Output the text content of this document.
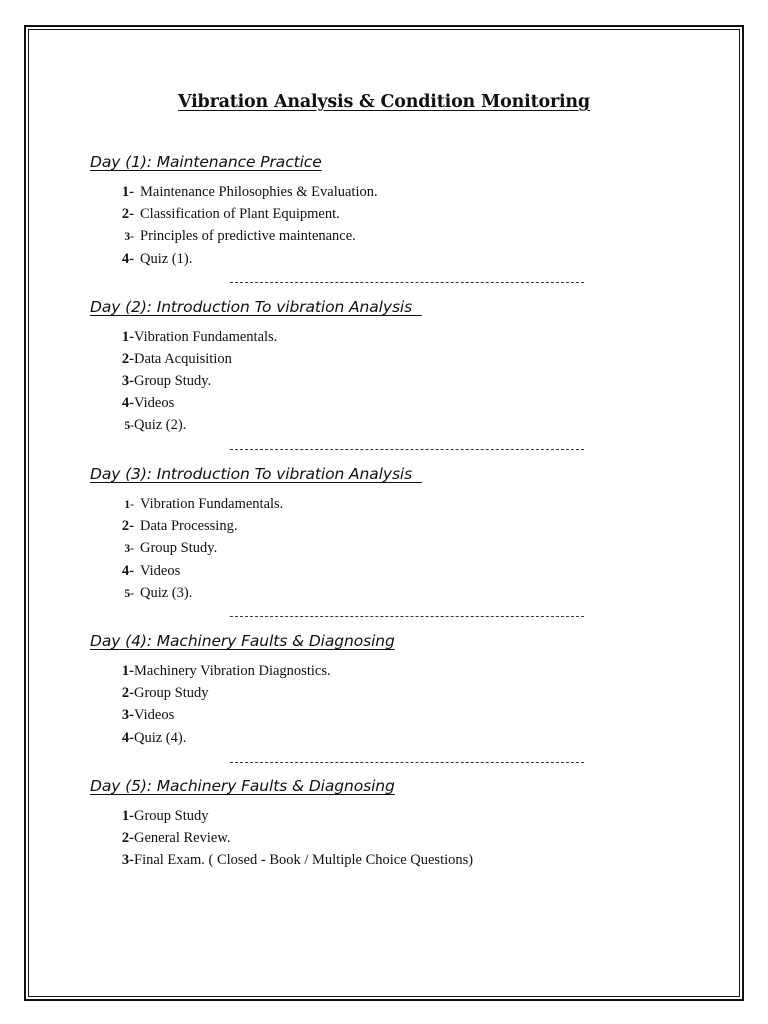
Vibration Analysis & Condition Monitoring
Day (1): Maintenance Practice
1- Maintenance Philosophies & Evaluation.
2- Classification of Plant Equipment.
3- Principles of predictive maintenance.
4- Quiz (1).
Day (2): Introduction To vibration Analysis
1-Vibration Fundamentals.
2-Data Acquisition
3-Group Study.
4-Videos
5-Quiz (2).
Day (3): Introduction To vibration Analysis
1- Vibration Fundamentals.
2- Data Processing.
3- Group Study.
4- Videos
5- Quiz (3).
Day (4): Machinery Faults & Diagnosing
1-Machinery Vibration Diagnostics.
2-Group Study
3-Videos
4-Quiz (4).
Day (5): Machinery Faults & Diagnosing
1-Group Study
2-General Review.
3-Final Exam. ( Closed - Book / Multiple Choice Questions)
